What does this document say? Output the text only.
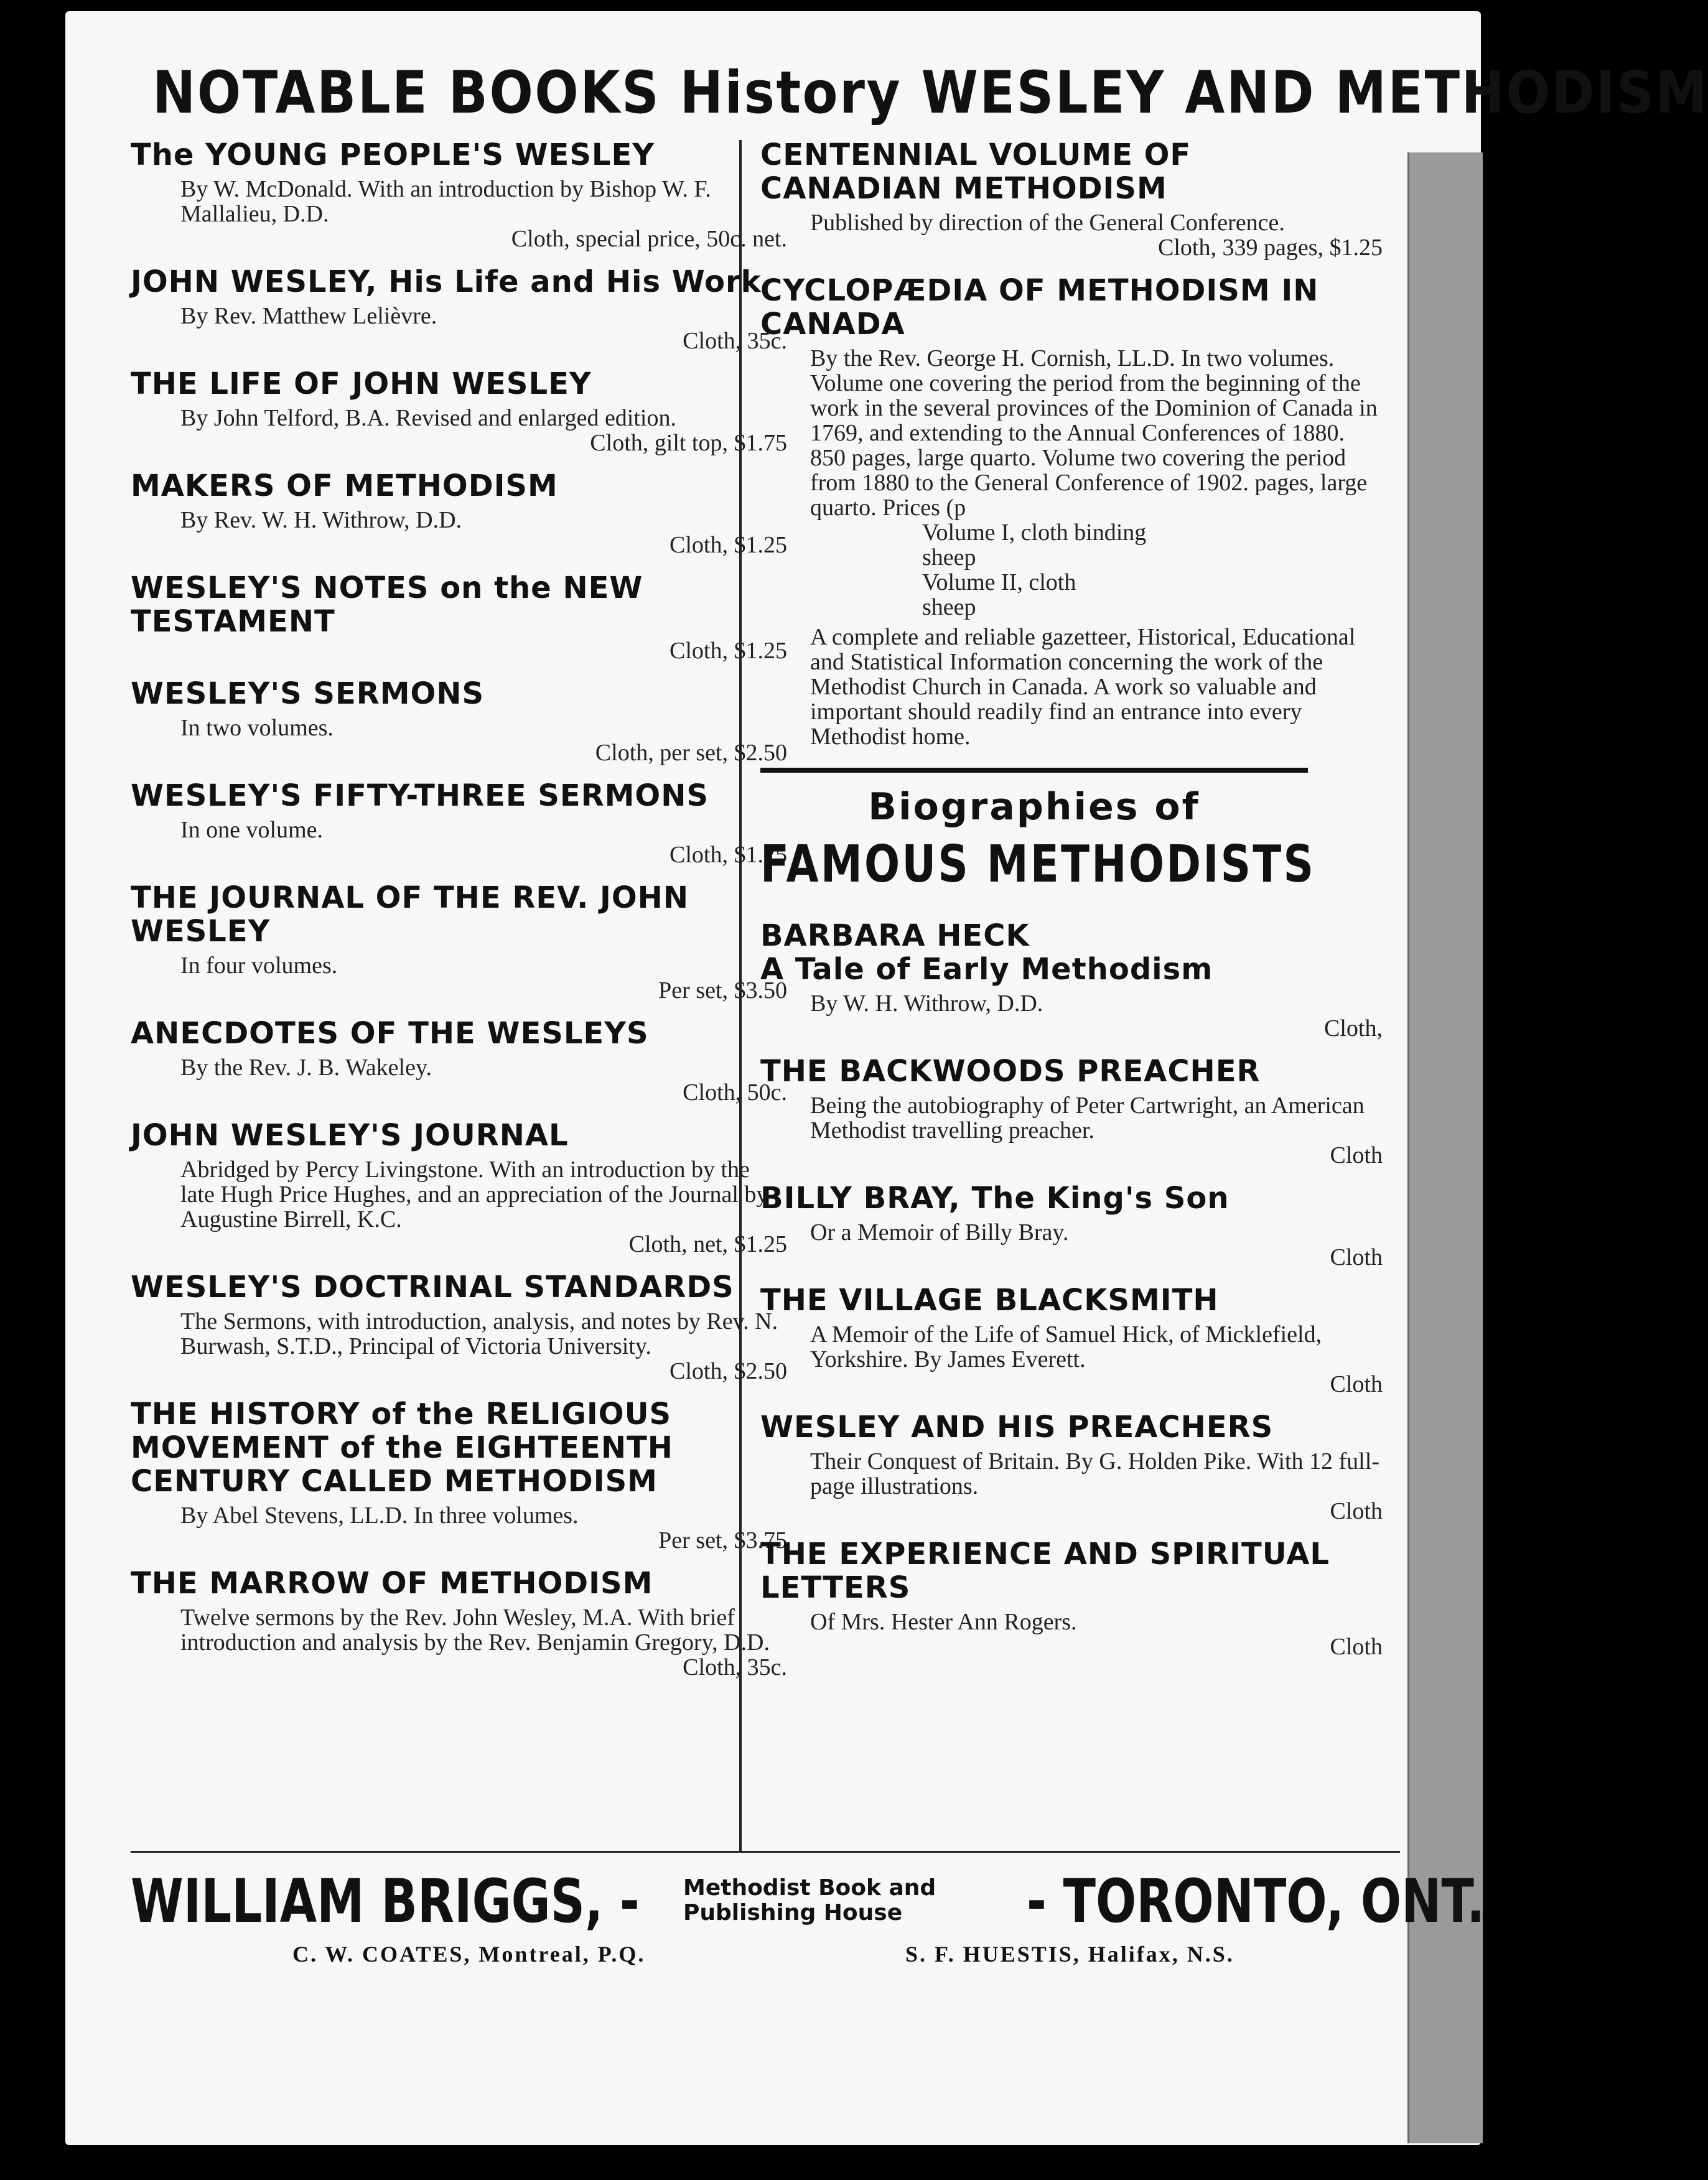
NOTABLE BOOKS History WESLEY AND METHODISM
The YOUNG PEOPLE'S WESLEY
By W. McDonald. With an introduction by Bishop W. F. Mallalieu, D.D.
Cloth, special price, 50c. net.
JOHN WESLEY, His Life and His Work
By Rev. Matthew Lelièvre.
Cloth, 35c.
THE LIFE OF JOHN WESLEY
By John Telford, B.A. Revised and enlarged edition.
Cloth, gilt top, $1.75
MAKERS OF METHODISM
By Rev. W. H. Withrow, D.D.
Cloth, $1.25
WESLEY'S NOTES on the NEW TESTAMENT
Cloth, $1.25
WESLEY'S SERMONS
In two volumes.
Cloth, per set, $2.50
WESLEY'S FIFTY-THREE SERMONS
In one volume.
Cloth, $1.25
THE JOURNAL OF THE REV. JOHN WESLEY
In four volumes.
Per set, $3.50
ANECDOTES OF THE WESLEYS
By the Rev. J. B. Wakeley.
Cloth, 50c.
JOHN WESLEY'S JOURNAL
Abridged by Percy Livingstone. With an introduction by the late Hugh Price Hughes, and an appreciation of the Journal by Augustine Birrell, K.C.
Cloth, net, $1.25
WESLEY'S DOCTRINAL STANDARDS
The Sermons, with introduction, analysis, and notes by Rev. N. Burwash, S.T.D., Principal of Victoria University.
Cloth, $2.50
THE HISTORY of the RELIGIOUS MOVEMENT of the EIGHTEENTH CENTURY CALLED METHODISM
By Abel Stevens, LL.D. In three volumes.
Per set, $3.75
THE MARROW OF METHODISM
Twelve sermons by the Rev. John Wesley, M.A. With brief introduction and analysis by the Rev. Benjamin Gregory, D.D.
Cloth, 35c.
CENTENNIAL VOLUME OF CANADIAN METHODISM
Published by direction of the General Conference.
Cloth, 339 pages, $1.25
CYCLOPÆDIA OF METHODISM IN CANADA
By the Rev. George H. Cornish, LL.D. In two volumes. Volume one covering the period from the beginning of the work in the several provinces of the Dominion of Canada in 1769, and extending to the Annual Conferences of 1880. 850 pages, large quarto. Volume two covering the period from 1880 to the General Conference of 1902. pages, large quarto. Prices (p
Volume I, cloth binding
sheep
Volume II, cloth
sheep
A complete and reliable gazetteer, Historical, Educational and Statistical Information concerning the work of the Methodist Church in Canada. A work so valuable and important should readily find an entrance into every Methodist home.
Biographies of
FAMOUS METHODISTS
BARBARA HECK
A Tale of Early Methodism
By W. H. Withrow, D.D.
Cloth,
THE BACKWOODS PREACHER
Being the autobiography of Peter Cartwright, an American Methodist travelling preacher.
Cloth
BILLY BRAY, The King's Son
Or a Memoir of Billy Bray.
Cloth
THE VILLAGE BLACKSMITH
A Memoir of the Life of Samuel Hick, of Micklefield, Yorkshire. By James Everett.
Cloth
WESLEY AND HIS PREACHERS
Their Conquest of Britain. By G. Holden Pike. With 12 full-page illustrations.
Cloth
THE EXPERIENCE AND SPIRITUAL LETTERS
Of Mrs. Hester Ann Rogers.
Cloth
WILLIAM BRIGGS, - Methodist Book and
Publishing House	- TORONTO, ONT.
C. W. COATES, Montreal, P.Q.	S. F. HUESTIS, Halifax, N.S.
